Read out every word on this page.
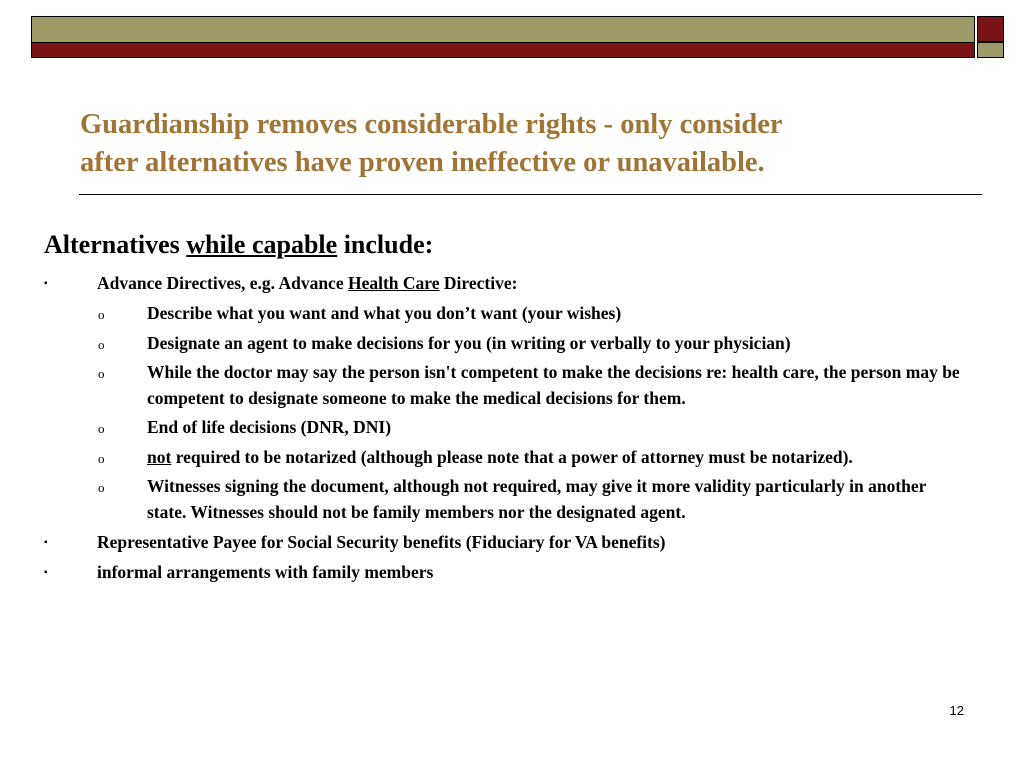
Guardianship removes considerable rights - only consider
after alternatives have proven ineffective or unavailable.

Alternatives while capable include:

▪	Advance Directives, e.g. Advance Health Care Directive:
o Describe what you want and what you don’t want (your wishes)
o Designate an agent to make decisions for you (in writing or verbally to your physician)
o While the doctor may say the person isn't competent to make the decisions re: health care, the person may be competent to designate someone to make the medical decisions for them.
o End of life decisions (DNR, DNI)
o not required to be notarized (although please note that a power of attorney must be notarized).
o Witnesses signing the document, although not required, may give it more validity particularly in another state. Witnesses should not be family members nor the designated agent.
▪	Representative Payee for Social Security benefits (Fiduciary for VA benefits)
▪	informal arrangements with family members
12
